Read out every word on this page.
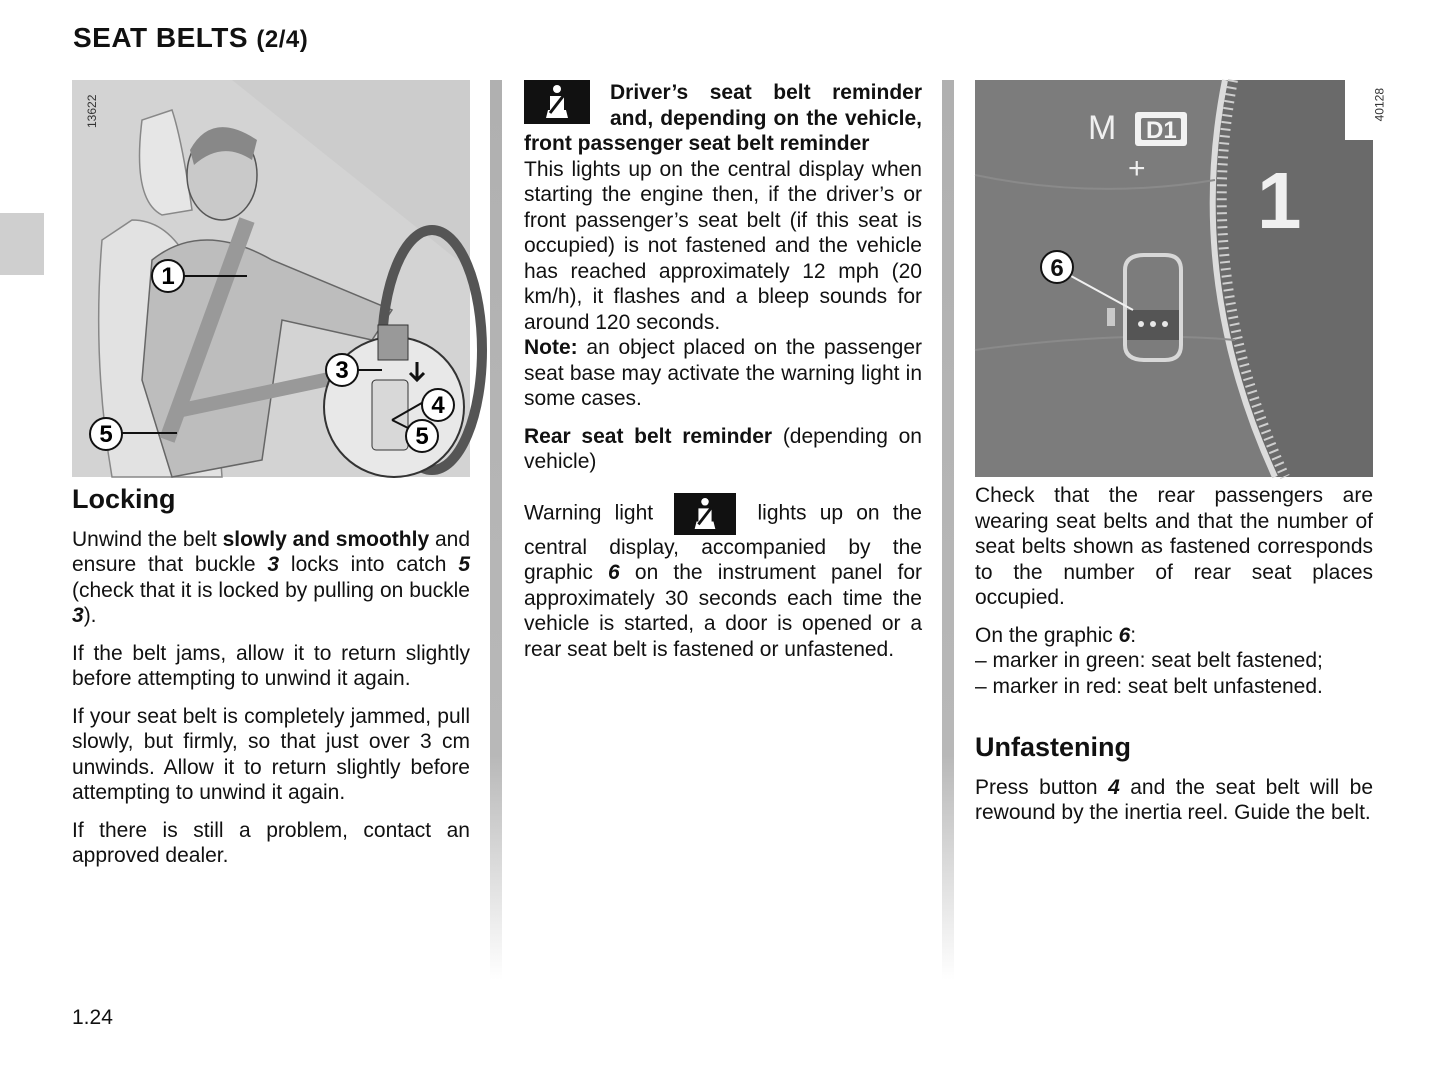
SEAT BELTS (2/4)
1
3
4
5	5
13622
Locking

Unwind the belt slowly and smoothly and ensure that buckle 3 locks into catch 5 (check that it is locked by pulling on buckle 3).

If the belt jams, allow it to return slightly before attempting to unwind it again.

If your seat belt is completely jammed, pull slowly, but firmly, so that just over 3 cm unwinds. Allow it to return slightly before attempting to unwind it again.

If there is still a problem, contact an approved dealer.

Driver’s seat belt reminder and, depending on the vehicle, front passenger seat belt reminder

This lights up on the central display when starting the engine then, if the driver’s or front passenger’s seat belt (if this seat is occupied) is not fastened and the vehicle has reached approximately 12 mph (20 km/h), it flashes and a bleep sounds for around 120 seconds.

Note: an object placed on the passenger seat base may activate the warning light in some cases.

Rear seat belt reminder (depending on vehicle)

Warning light	lights up on the central display, accompanied by the graphic 6 on the instrument panel for approximately 30 seconds each time the vehicle is started, a door is opened or a rear seat belt is fastened or unfastened.

M D1
+ 1
6
40128

Check that the rear passengers are wearing seat belts and that the number of seat belts shown as fastened corresponds to the number of rear seat places occupied.

On the graphic 6:

– marker in green: seat belt fastened;
– marker in red: seat belt unfastened.
Unfastening

Press button 4 and the seat belt will be rewound by the inertia reel. Guide the belt.

1.24
